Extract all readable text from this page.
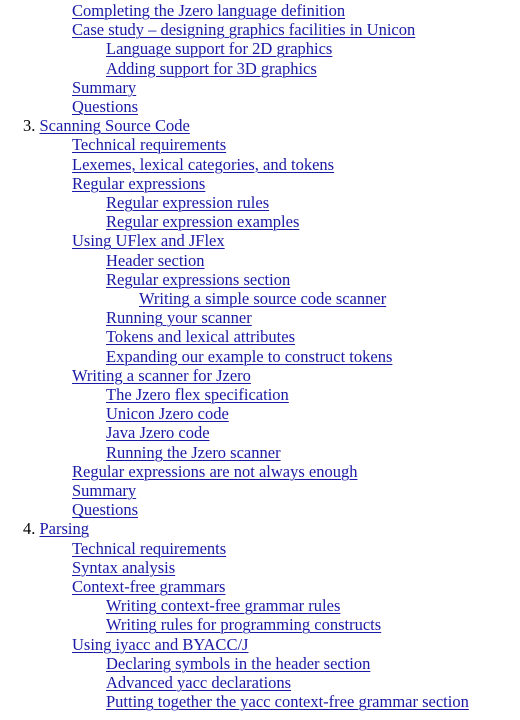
Completing the Jzero language definition
Case study – designing graphics facilities in Unicon
Language support for 2D graphics
Adding support for 3D graphics
Summary
Questions
3. Scanning Source Code
Technical requirements
Lexemes, lexical categories, and tokens
Regular expressions
Regular expression rules
Regular expression examples
Using UFlex and JFlex
Header section
Regular expressions section
Writing a simple source code scanner
Running your scanner
Tokens and lexical attributes
Expanding our example to construct tokens
Writing a scanner for Jzero
The Jzero flex specification
Unicon Jzero code
Java Jzero code
Running the Jzero scanner
Regular expressions are not always enough
Summary
Questions
4. Parsing
Technical requirements
Syntax analysis
Context-free grammars
Writing context-free grammar rules
Writing rules for programming constructs
Using iyacc and BYACC/J
Declaring symbols in the header section
Advanced yacc declarations
Putting together the yacc context-free grammar section
